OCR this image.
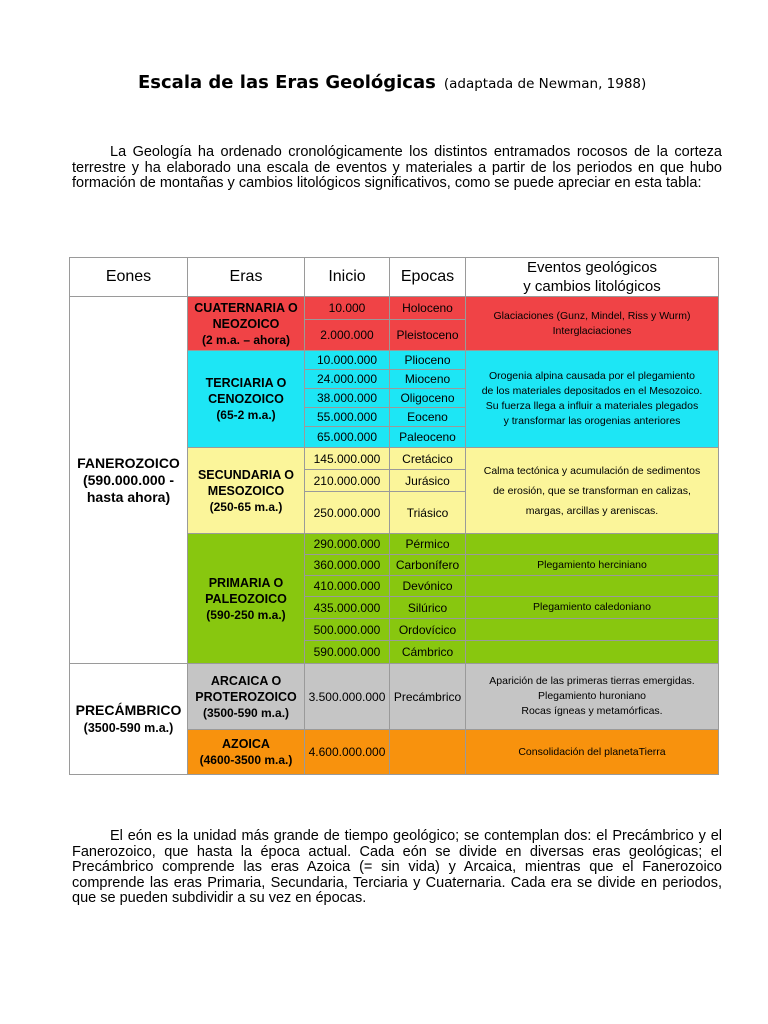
Escala de las Eras Geológicas (adaptada de Newman, 1988)
La Geología ha ordenado cronológicamente los distintos entramados rocosos de la corteza terrestre y ha elaborado una escala de eventos y materiales a partir de los periodos en que hubo formación de montañas y cambios litológicos significativos, como se puede apreciar en esta tabla:
Eones	Eras	Inicio	Epocas	Eventos geológicos
y cambios litológicos
FANEROZOICO
(590.000.000 -
hasta ahora)	CUATERNARIA O
NEOZOICO
(2 m.a. – ahora)	10.000	Holoceno	Glaciaciones (Gunz, Mindel, Riss y Wurm)
Interglaciaciones
		2.000.000	Pleistoceno	
	TERCIARIA O
CENOZOICO
(65-2 m.a.)	10.000.000	Plioceno	Orogenia alpina causada por el plegamiento
de los materiales depositados en el Mesozoico.
Su fuerza llega a influir a materiales plegados
y transformar las orogenias anteriores
		24.000.000	Mioceno	
		38.000.000	Oligoceno	
		55.000.000	Eoceno	
		65.000.000	Paleoceno	
	SECUNDARIA O
MESOZOICO
(250-65 m.a.)	145.000.000	Cretácico	Calma tectónica y acumulación de sedimentos
de erosión, que se transforman en calizas,
margas, arcillas y areniscas.
		210.000.000	Jurásico	
		250.000.000	Triásico	
	PRIMARIA O
PALEOZOICO
(590-250 m.a.)	290.000.000	Pérmico	
		360.000.000	Carbonífero	Plegamiento herciniano
		410.000.000	Devónico	
		435.000.000	Silúrico	Plegamiento caledoniano
		500.000.000	Ordovícico	
		590.000.000	Cámbrico	
PRECÁMBRICO
(3500-590 m.a.)	ARCAICA O
PROTEROZOICO
(3500-590 m.a.)	3.500.000.000	Precámbrico	Aparición de las primeras tierras emergidas.
Plegamiento huroniano
Rocas ígneas y metamórficas.
	AZOICA
(4600-3500 m.a.)	4.600.000.000		Consolidación del planetaTierra
El eón es la unidad más grande de tiempo geológico; se contemplan dos: el Precámbrico y el Fanerozoico, que hasta la época actual. Cada eón se divide en diversas eras geológicas; el Precámbrico comprende las eras Azoica (= sin vida) y Arcaica, mientras que el Fanerozoico comprende las eras Primaria, Secundaria, Terciaria y Cuaternaria. Cada era se divide en periodos, que se pueden subdividir a su vez en épocas.
